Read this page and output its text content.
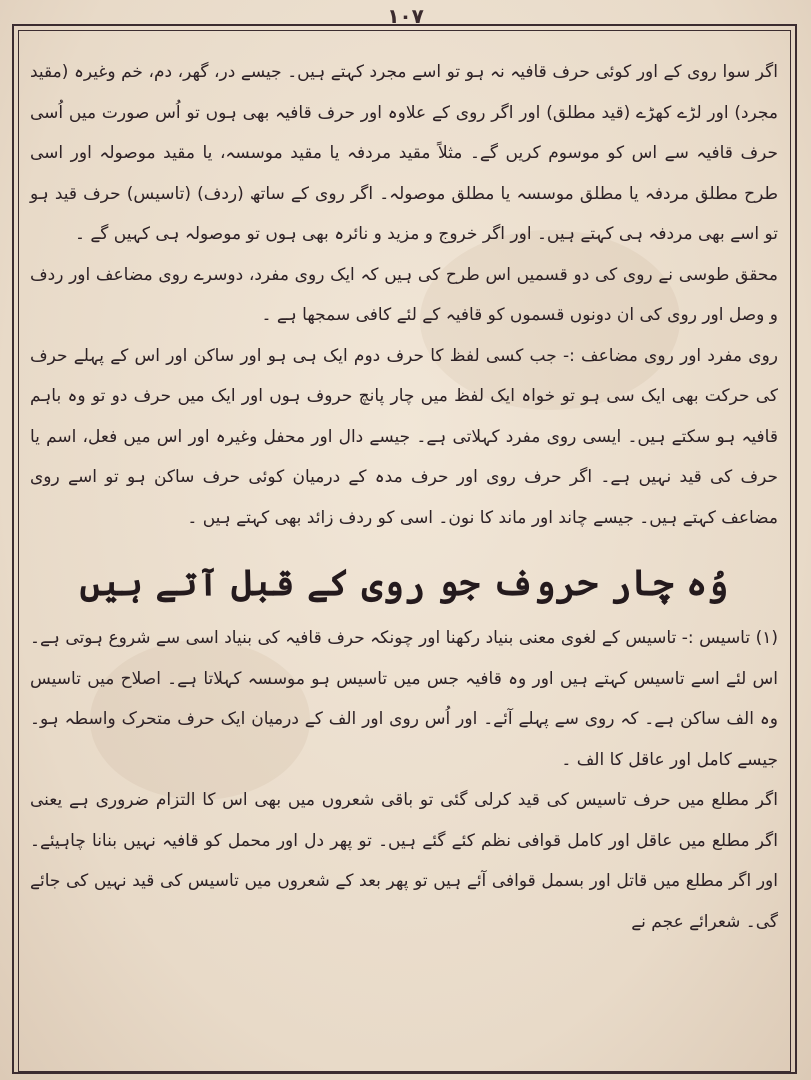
۱۰۷

اگر سوا روی کے اور کوئی حرف قافیہ نہ ہو تو اسے مجرد کہتے ہیں۔ جیسے در، گھر، دم، خم وغیرہ (مقید مجرد) اور لڑے کھڑے (قید مطلق) اور اگر روی کے علاوہ اور حرف قافیہ بھی ہوں تو اُس صورت میں اُسی حرف قافیہ سے اس کو موسوم کریں گے۔ مثلاً مقید مردفہ یا مقید موسسہ، یا مقید موصولہ اور اسی طرح مطلق مردفہ یا مطلق موسسہ یا مطلق موصولہ۔ اگر روی کے ساتھ (ردف) (تاسیس) حرف قید ہو تو اسے بھی مردفہ ہی کہتے ہیں۔ اور اگر خروج و مزید و نائرہ بھی ہوں تو موصولہ ہی کہیں گے ۔

محقق طوسی نے روی کی دو قسمیں اس طرح کی ہیں کہ ایک روی مفرد، دوسرے روی مضاعف اور ردف و وصل اور روی کی ان دونوں قسموں کو قافیہ کے لئے کافی سمجھا ہے ۔

روی مفرد اور روی مضاعف :- جب کسی لفظ کا حرف دوم ایک ہی ہو اور ساکن اور اس کے پہلے حرف کی حرکت بھی ایک سی ہو تو خواہ ایک لفظ میں چار پانچ حروف ہوں اور ایک میں حرف دو تو وہ باہم قافیہ ہو سکتے ہیں۔ ایسی روی مفرد کہلاتی ہے۔ جیسے دال اور محفل وغیرہ اور اس میں فعل، اسم یا حرف کی قید نہیں ہے۔ اگر حرف روی اور حرف مدہ کے درمیان کوئی حرف ساکن ہو تو اسے روی مضاعف کہتے ہیں۔ جیسے چاند اور ماند کا نون۔ اسی کو ردف زائد بھی کہتے ہیں ۔

وُہ چار حروف جو روی کے قبل آتے ہیں

(۱) تاسیس :- تاسیس کے لغوی معنی بنیاد رکھنا اور چونکہ حرف قافیہ کی بنیاد اسی سے شروع ہوتی ہے۔ اس لئے اسے تاسیس کہتے ہیں اور وہ قافیہ جس میں تاسیس ہو موسسہ کہلاتا ہے۔ اصلاح میں تاسیس وہ الف ساکن ہے۔ کہ روی سے پہلے آئے۔ اور اُس روی اور الف کے درمیان ایک حرف متحرک واسطہ ہو۔ جیسے کامل اور عاقل کا الف ۔

اگر مطلع میں حرف تاسیس کی قید کرلی گئی تو باقی شعروں میں بھی اس کا التزام ضروری ہے یعنی اگر مطلع میں عاقل اور کامل قوافی نظم کئے گئے ہیں۔ تو پھر دل اور محمل کو قافیہ نہیں بنانا چاہیئے۔ اور اگر مطلع میں قاتل اور بسمل قوافی آئے ہیں تو پھر بعد کے شعروں میں تاسیس کی قید نہیں کی جائے گی۔ شعرائے عجم نے
